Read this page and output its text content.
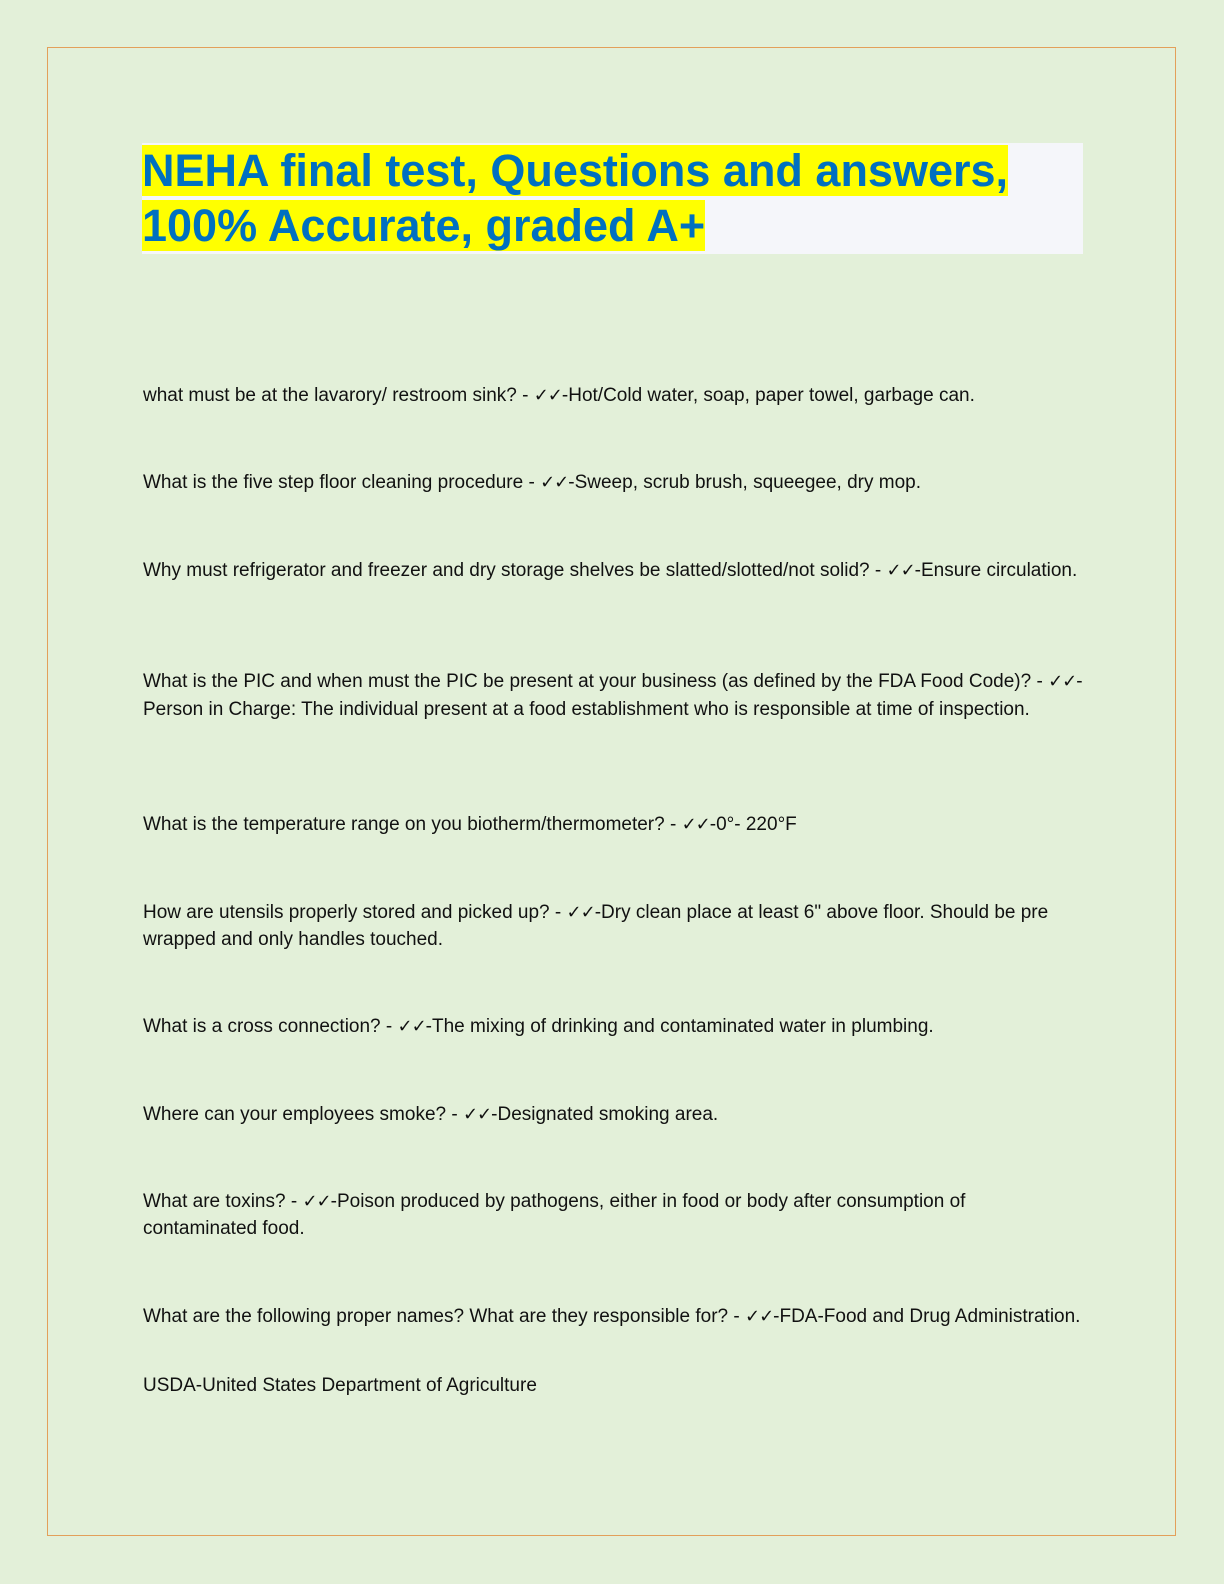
NEHA final test, Questions and answers,
100% Accurate, graded A+

what must be at the lavarory/ restroom sink? - ✓✓-Hot/Cold water, soap, paper towel, garbage can.

What is the five step floor cleaning procedure - ✓✓-Sweep, scrub brush, squeegee, dry mop.

Why must refrigerator and freezer and dry storage shelves be slatted/slotted/not solid? - ✓✓-Ensure circulation.

What is the PIC and when must the PIC be present at your business (as defined by the FDA Food Code)? - ✓✓-Person in Charge: The individual present at a food establishment who is responsible at time of inspection.

What is the temperature range on you biotherm/thermometer? - ✓✓-0°- 220°F

How are utensils properly stored and picked up? - ✓✓-Dry clean place at least 6" above floor. Should be pre wrapped and only handles touched.

What is a cross connection? - ✓✓-The mixing of drinking and contaminated water in plumbing.

Where can your employees smoke? - ✓✓-Designated smoking area.

What are toxins? - ✓✓-Poison produced by pathogens, either in food or body after consumption of contaminated food.

What are the following proper names? What are they responsible for? - ✓✓-FDA-Food and Drug Administration.

USDA-United States Department of Agriculture
